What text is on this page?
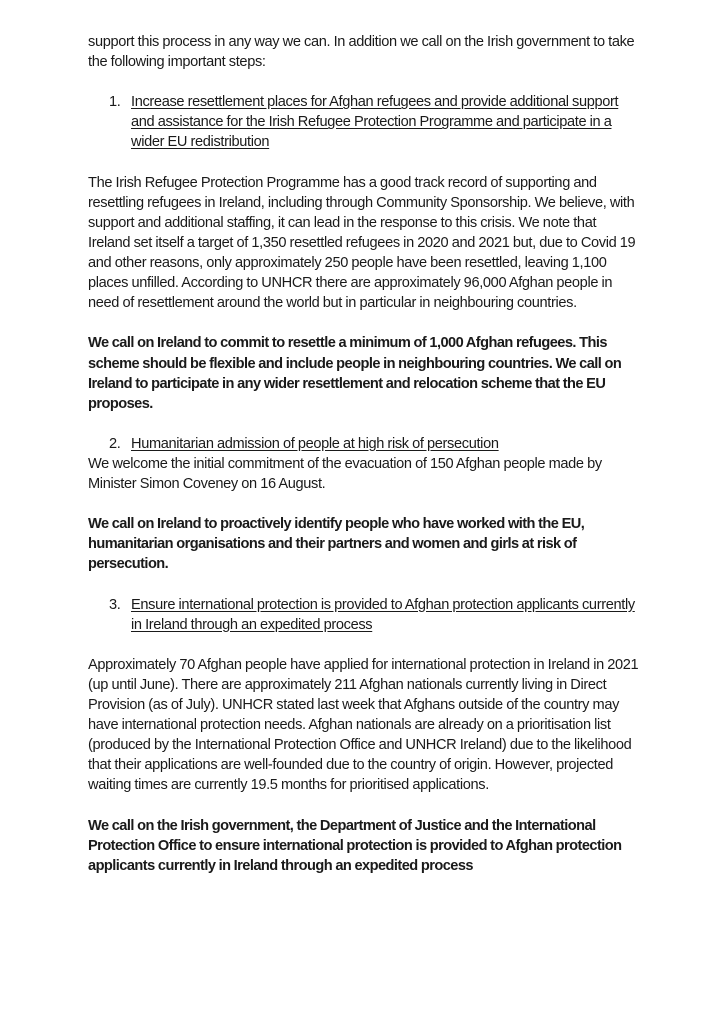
support this process in any way we can. In addition we call on the Irish government to take the following important steps:

1. Increase resettlement places for Afghan refugees and provide additional support and assistance for the Irish Refugee Protection Programme and participate in a wider EU redistribution

The Irish Refugee Protection Programme has a good track record of supporting and resettling refugees in Ireland, including through Community Sponsorship. We believe, with support and additional staffing, it can lead in the response to this crisis. We note that Ireland set itself a target of 1,350 resettled refugees in 2020 and 2021 but, due to Covid 19 and other reasons, only approximately 250 people have been resettled, leaving 1,100 places unfilled. According to UNHCR there are approximately 96,000 Afghan people in need of resettlement around the world but in particular in neighbouring countries.

We call on Ireland to commit to resettle a minimum of 1,000 Afghan refugees. This scheme should be flexible and include people in neighbouring countries. We call on Ireland to participate in any wider resettlement and relocation scheme that the EU proposes.

2. Humanitarian admission of people at high risk of persecution

We welcome the initial commitment of the evacuation of 150 Afghan people made by Minister Simon Coveney on 16 August.

We call on Ireland to proactively identify people who have worked with the EU, humanitarian organisations and their partners and women and girls at risk of persecution.

3. Ensure international protection is provided to Afghan protection applicants currently in Ireland through an expedited process

Approximately 70 Afghan people have applied for international protection in Ireland in 2021 (up until June). There are approximately 211 Afghan nationals currently living in Direct Provision (as of July). UNHCR stated last week that Afghans outside of the country may have international protection needs. Afghan nationals are already on a prioritisation list (produced by the International Protection Office and UNHCR Ireland) due to the likelihood that their applications are well-founded due to the country of origin. However, projected waiting times are currently 19.5 months for prioritised applications.

We call on the Irish government, the Department of Justice and the International Protection Office to ensure international protection is provided to Afghan protection applicants currently in Ireland through an expedited process
